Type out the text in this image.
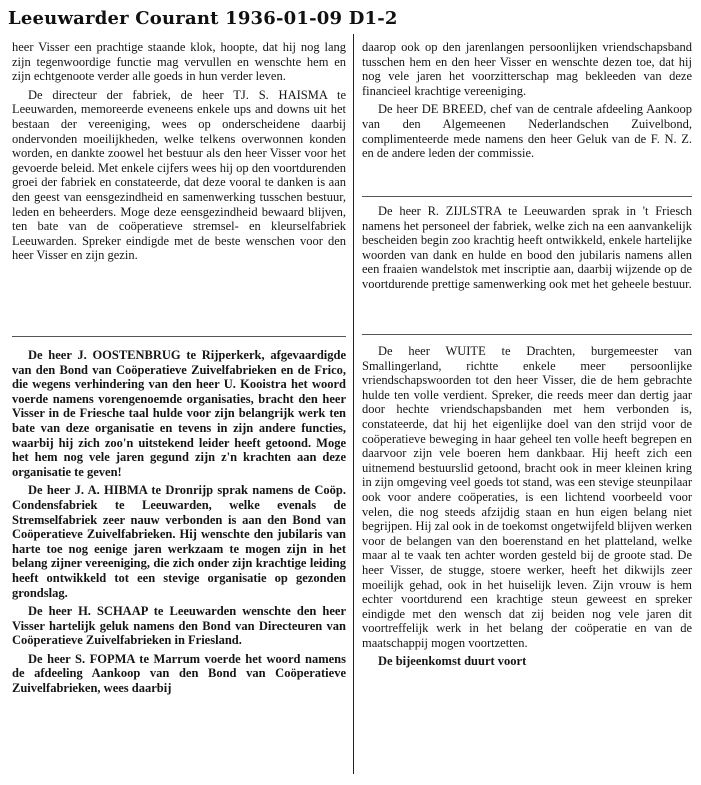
Leeuwarder Courant 1936-01-09 D1-2

heer Visser een prachtige staande klok, hoopte, dat hij nog lang zijn tegenwoordige functie mag vervullen en wenschte hem en zijn echtgenoote verder alle goeds in hun verder leven.

De directeur der fabriek, de heer TJ. S. HAISMA te Leeuwarden, memoreerde eveneens enkele ups and downs uit het bestaan der vereeniging, wees op onderscheidene daarbij ondervonden moeilijkheden, welke telkens overwonnen konden worden, en dankte zoowel het bestuur als den heer Visser voor het gevoerde beleid. Met enkele cijfers wees hij op den voortdurenden groei der fabriek en constateerde, dat deze vooral te danken is aan den geest van eensgezindheid en samenwerking tusschen bestuur, leden en beheerders. Moge deze eensgezindheid bewaard blijven, ten bate van de coöperatieve stremsel- en kleurselfabriek Leeuwarden. Spreker eindigde met de beste wenschen voor den heer Visser en zijn gezin.

De heer J. OOSTENBRUG te Rijperkerk, afgevaardigde van den Bond van Coöperatieve Zuivelfabrieken en de Frico, die wegens verhindering van den heer U. Kooistra het woord voerde namens vorengenoemde organisaties, bracht den heer Visser in de Friesche taal hulde voor zijn belangrijk werk ten bate van deze organisatie en tevens in zijn andere functies, waarbij hij zich zoo'n uitstekend leider heeft getoond. Moge het hem nog vele jaren gegund zijn z'n krachten aan deze organisatie te geven!

De heer J. A. HIBMA te Dronrijp sprak namens de Coöp. Condensfabriek te Leeuwarden, welke evenals de Stremselfabriek zeer nauw verbonden is aan den Bond van Coöperatieve Zuivelfabrieken. Hij wenschte den jubilaris van harte toe nog eenige jaren werkzaam te mogen zijn in het belang zijner vereeniging, die zich onder zijn krachtige leiding heeft ontwikkeld tot een stevige organisatie op gezonden grondslag.

De heer H. SCHAAP te Leeuwarden wenschte den heer Visser hartelijk geluk namens den Bond van Directeuren van Coöperatieve Zuivelfabrieken in Friesland.

De heer S. FOPMA te Marrum voerde het woord namens de afdeeling Aankoop van den Bond van Coöperatieve Zuivelfabrieken, wees daarbij

daarop ook op den jarenlangen persoonlijken vriendschapsband tusschen hem en den heer Visser en wenschte dezen toe, dat hij nog vele jaren het voorzitterschap mag bekleeden van deze financieel krachtige vereeniging.

De heer DE BREED, chef van de centrale afdeeling Aankoop van den Algemeenen Nederlandschen Zuivelbond, complimenteerde mede namens den heer Geluk van de F. N. Z. en de andere leden der commissie.

De heer R. ZIJLSTRA te Leeuwarden sprak in 't Friesch namens het personeel der fabriek, welke zich na een aanvankelijk bescheiden begin zoo krachtig heeft ontwikkeld, enkele hartelijke woorden van dank en hulde en bood den jubilaris namens allen een fraaien wandelstok met inscriptie aan, daarbij wijzende op de voortdurende prettige samenwerking ook met het geheele bestuur.

De heer WUITE te Drachten, burgemeester van Smallingerland, richtte enkele meer persoonlijke vriendschapswoorden tot den heer Visser, die de hem gebrachte hulde ten volle verdient. Spreker, die reeds meer dan dertig jaar door hechte vriendschapsbanden met hem verbonden is, constateerde, dat hij het eigenlijke doel van den strijd voor de coöperatieve beweging in haar geheel ten volle heeft begrepen en daarvoor zijn vele boeren hem dankbaar. Hij heeft zich een uitnemend bestuurslid getoond, bracht ook in meer kleinen kring in zijn omgeving veel goeds tot stand, was een stevige steunpilaar ook voor andere coöperaties, is een lichtend voorbeeld voor velen, die nog steeds afzijdig staan en hun eigen belang niet begrijpen. Hij zal ook in de toekomst ongetwijfeld blijven werken voor de belangen van den boerenstand en het platteland, welke maar al te vaak ten achter worden gesteld bij de groote stad. De heer Visser, de stugge, stoere werker, heeft het dikwijls zeer moeilijk gehad, ook in het huiselijk leven. Zijn vrouw is hem echter voortdurend een krachtige steun geweest en spreker eindigde met den wensch dat zij beiden nog vele jaren dit voortreffelijk werk in het belang der coöperatie en van de maatschappij mogen voortzetten.

De bijeenkomst duurt voort
